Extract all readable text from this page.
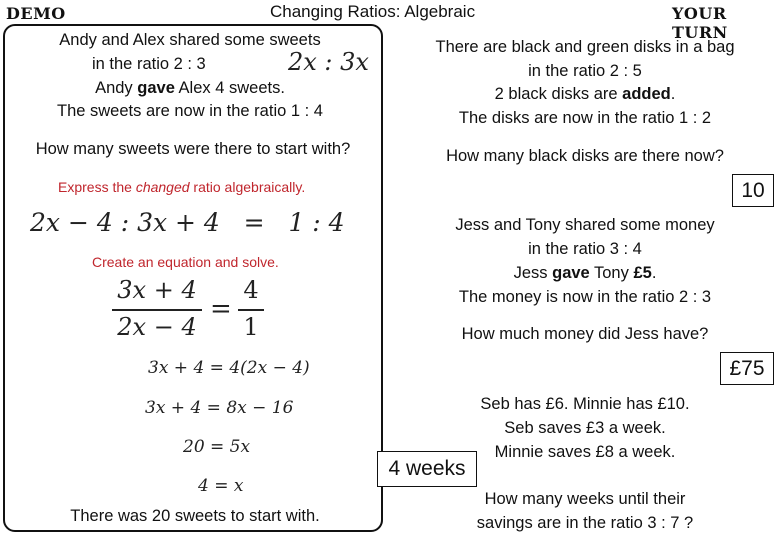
DEMO	Changing Ratios: Algebraic	YOUR TURN
Andy and Alex shared some sweets
in the ratio 2 : 3	2x : 3x
Andy gave Alex 4 sweets.
The sweets are now in the ratio 1 : 4
How many sweets were there to start with?
Express the changed ratio algebraically.
2x − 4 : 3x + 4   =   1 : 4
Create an equation and solve.
3x + 4
2x − 4
=
4
1
3x + 4 = 4(2x − 4)
3x + 4 = 8x − 16
20 = 5x
4 = x
There was 20 sweets to start with.
There are black and green disks in a bag
in the ratio 2 : 5
2 black disks are added.
The disks are now in the ratio 1 : 2
How many black disks are there now?
10
Jess and Tony shared some money
in the ratio 3 : 4
Jess gave Tony £5.
The money is now in the ratio 2 : 3
How much money did Jess have?
£75
Seb has £6. Minnie has £10.
Seb saves £3 a week.
Minnie saves £8 a week.
4 weeks
How many weeks until their
savings are in the ratio 3 : 7 ?
